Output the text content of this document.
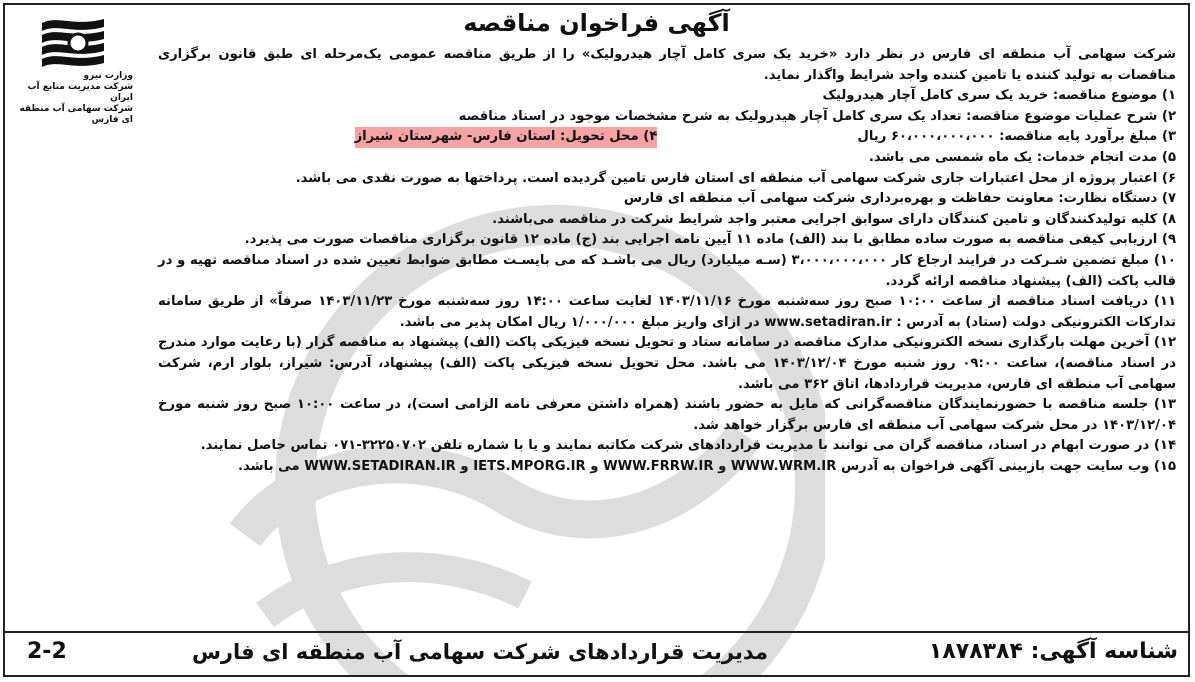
آگهی فراخوان مناقصه
وزارت نیرو
شرکت مدیریت منابع آب ایران
شرکت سهامی آب منطقه ای فارس

شرکت سهامی آب منطقه ای فارس در نظر دارد «خرید یک سری کامل آچار هیدرولیک» را از طریق مناقصه عمومی یک‌مرحله ای طبق قانون برگزاری مناقصات به تولید کننده یا تامین کننده واجد شرایط واگذار نماید.

۱) موضوع مناقصه: خرید یک سری کامل آچار هیدرولیک

۲) شرح عملیات موضوع مناقصه: تعداد یک سری کامل آچار هیدرولیک به شرح مشخصات موجود در اسناد مناقصه

۳) مبلغ برآورد پایه مناقصه: ۶۰،۰۰۰،۰۰۰،۰۰۰ ریال
۴) محل تحویل: استان فارس- شهرستان شیراز

۵) مدت انجام خدمات: یک ماه شمسی می باشد.

۶) اعتبار پروژه از محل اعتبارات جاری شرکت سهامی آب منطقه ای استان فارس تامین گردیده است. پرداختها به صورت نقدی می باشد.

۷) دستگاه نظارت: معاونت حفاظت و بهره‌برداری شرکت سهامی آب منطقه ای فارس

۸) کلیه تولیدکنندگان و تامین کنندگان دارای سوابق اجرایی معتبر واجد شرایط شرکت در مناقصه می‌باشند.

۹) ارزیابی کیفی مناقصه به صورت ساده مطابق با بند (الف) ماده ۱۱ آیین نامه اجرایی بند (ج) ماده ۱۲ قانون برگزاری مناقصات صورت می پذیرد.

۱۰) مبلغ تضمین شـرکت در فرایند ارجاع کار ۳،۰۰۰،۰۰۰،۰۰۰ (سـه میلیارد) ریال می باشـد که می بایسـت مطابق ضوابط تعیین شده در اسناد مناقصه تهیه و در قالب پاکت (الف) پیشنهاد مناقصه ارائه گردد.

۱۱) دریافت اسناد مناقصه از ساعت ۱۰:۰۰ صبح روز سه‌شنبه مورخ ۱۴۰۳/۱۱/۱۶ لغایت ساعت ۱۴:۰۰ روز سه‌شنبه مورخ ۱۴۰۳/۱۱/۲۳ صرفاً» از طریق سامانه تدارکات الکترونیکی دولت (ستاد) به آدرس : www.setadiran.ir در ازای واریز مبلغ ۱/۰۰۰/۰۰۰ ریال امکان پذیر می باشد.

۱۲) آخرین مهلت بارگذاری نسخه الکترونیکی مدارک مناقصه در سامانه ستاد و تحویل نسخه فیزیکی پاکت (الف) پیشنهاد به مناقصه گزار (با رعایت موارد مندرج در اسناد مناقصه)، ساعت ۰۹:۰۰ روز شنبه مورخ ۱۴۰۳/۱۲/۰۴ می باشد. محل تحویل نسخه فیزیکی پاکت (الف) پیشنهاد، آدرس: شیراز، بلوار ارم، شرکت سهامی آب منطقه ای فارس، مدیریت قراردادها، اتاق ۳۶۲ می باشد.

۱۳) جلسه مناقصه با حضورنمایندگان مناقصه‌گرانی که مایل به حضور باشند (همراه داشتن معرفی نامه الزامی است)، در ساعت ۱۰:۰۰ صبح روز شنبه مورخ ۱۴۰۳/۱۲/۰۴ در محل شرکت سهامی آب منطقه ای فارس برگزار خواهد شد.

۱۴) در صورت ابهام در اسناد، مناقصه گران می توانند با مدیریت قراردادهای شرکت مکاتبه نمایند و یا با شماره تلفن ۳۲۲۵۰۷۰۲-۰۷۱ تماس حاصل نمایند.

۱۵) وب سایت جهت بازبینی آگهی فراخوان به آدرس WWW.WRM.IR و WWW.FRRW.IR و IETS.MPORG.IR و WWW.SETADIRAN.IR می باشد.

شناسه آگهی: ۱۸۷۸۳۸۴
مدیریت قراردادهای شرکت سهامی آب منطقه ای فارس
2-2
